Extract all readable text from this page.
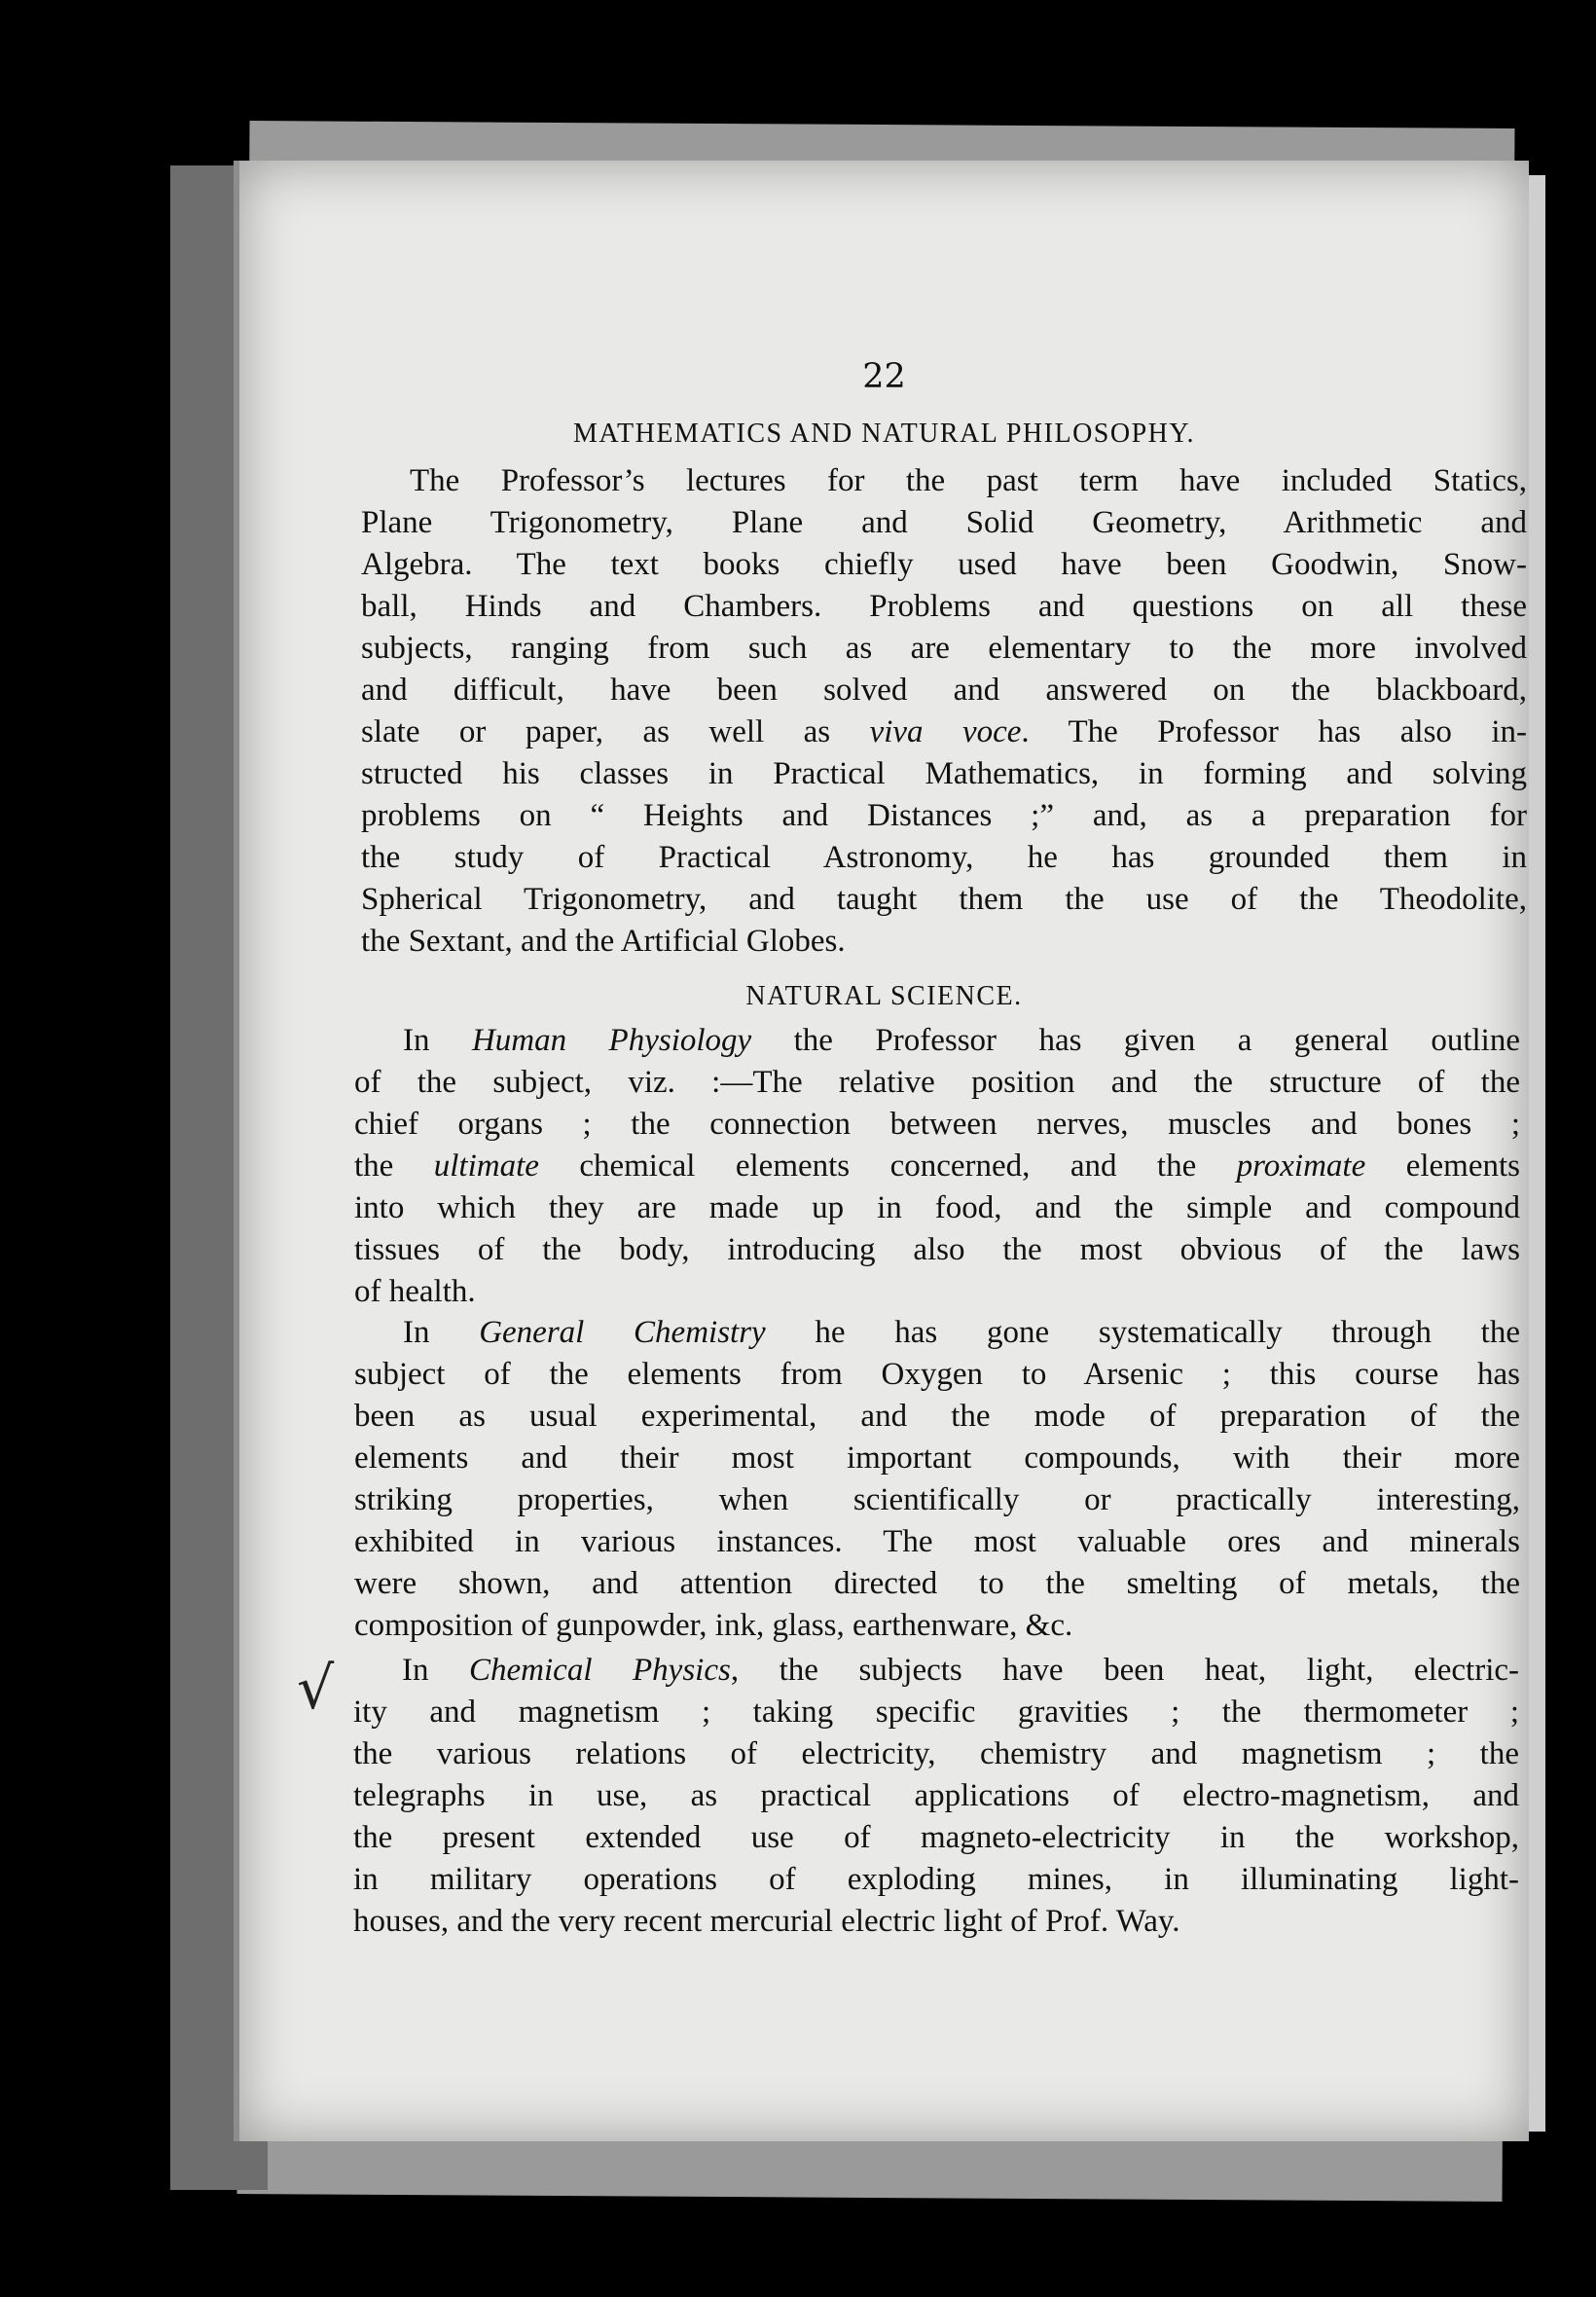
22
MATHEMATICS AND NATURAL PHILOSOPHY.
The Professor’s lectures for the past term have included Statics,
Plane Trigonometry, Plane and Solid Geometry, Arithmetic and
Algebra. The text books chiefly used have been Goodwin, Snow-
ball, Hinds and Chambers. Problems and questions on all these
subjects, ranging from such as are elementary to the more involved
and difficult, have been solved and answered on the blackboard,
slate or paper, as well as viva voce. The Professor has also in-
structed his classes in Practical Mathematics, in forming and solving
problems on “ Heights and Distances ;” and, as a preparation for
the study of Practical Astronomy, he has grounded them in
Spherical Trigonometry, and taught them the use of the Theodolite,
the Sextant, and the Artificial Globes.
NATURAL SCIENCE.
In Human Physiology the Professor has given a general outline
of the subject, viz. :—The relative position and the structure of the
chief organs ; the connection between nerves, muscles and bones ;
the ultimate chemical elements concerned, and the proximate elements
into which they are made up in food, and the simple and compound
tissues of the body, introducing also the most obvious of the laws
of health.
In General Chemistry he has gone systematically through the
subject of the elements from Oxygen to Arsenic ; this course has
been as usual experimental, and the mode of preparation of the
elements and their most important compounds, with their more
striking properties, when scientifically or practically interesting,
exhibited in various instances. The most valuable ores and minerals
were shown, and attention directed to the smelting of metals, the
composition of gunpowder, ink, glass, earthenware, &c.
In Chemical Physics, the subjects have been heat, light, electric-
ity and magnetism ; taking specific gravities ; the thermometer ;
the various relations of electricity, chemistry and magnetism ; the
telegraphs in use, as practical applications of electro-magnetism, and
the present extended use of magneto-electricity in the workshop,
in military operations of exploding mines, in illuminating light-
houses, and the very recent mercurial electric light of Prof. Way.
√
